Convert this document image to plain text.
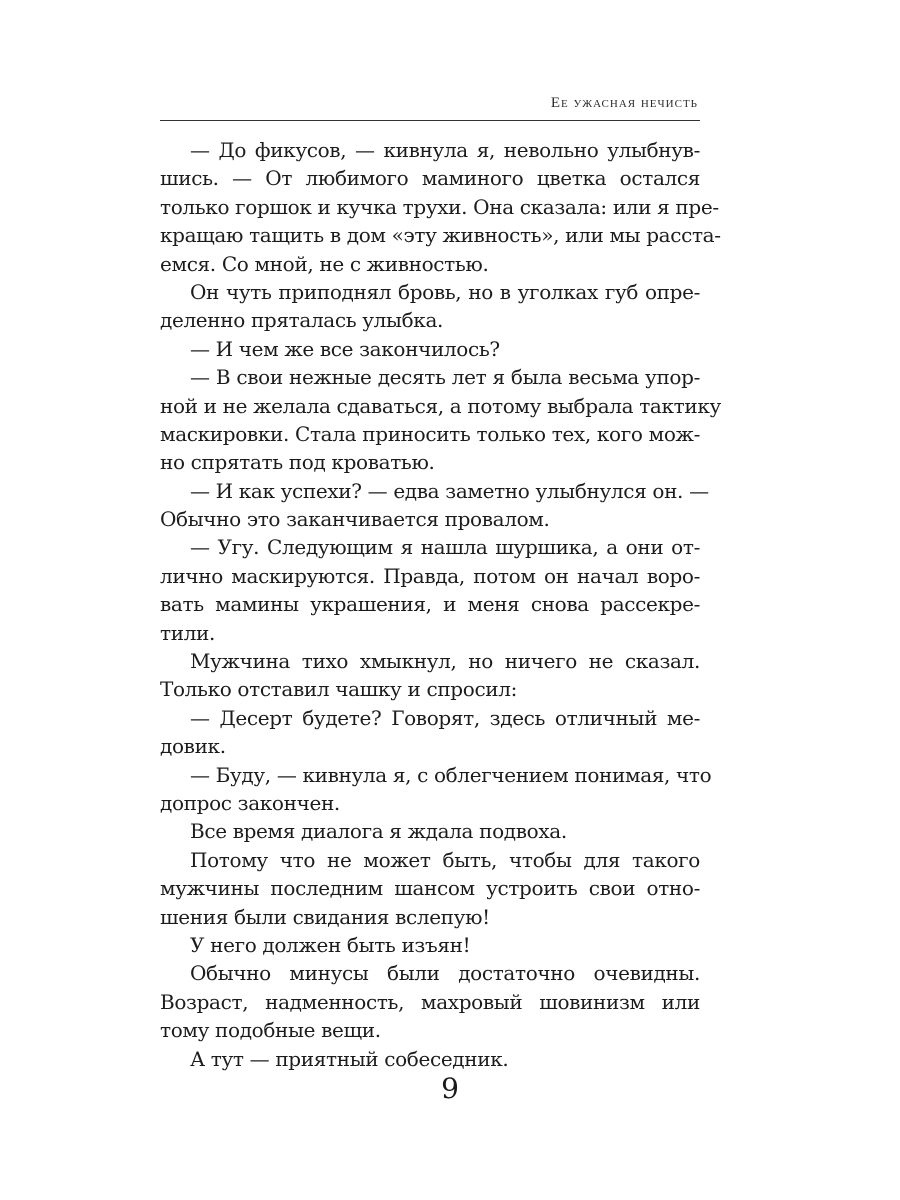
Ее ужасная нечисть
— До фикусов, — кивнула я, невольно улыбнув-
шись. — От любимого маминого цветка остался
только горшок и кучка трухи. Она сказала: или я пре-
кращаю тащить в дом «эту живность», или мы расста-
емся. Со мной, не с живностью.
Он чуть приподнял бровь, но в уголках губ опре-
деленно пряталась улыбка.
— И чем же все закончилось?
— В свои нежные десять лет я была весьма упор-
ной и не желала сдаваться, а потому выбрала тактику
маскировки. Стала приносить только тех, кого мож-
но спрятать под кроватью.
— И как успехи? — едва заметно улыбнулся он. —
Обычно это заканчивается провалом.
— Угу. Следующим я нашла шуршика, а они от-
лично маскируются. Правда, потом он начал воро-
вать мамины украшения, и меня снова рассекре-
тили.
Мужчина тихо хмыкнул, но ничего не сказал.
Только отставил чашку и спросил:
— Десерт будете? Говорят, здесь отличный ме-
довик.
— Буду, — кивнула я, с облегчением понимая, что
допрос закончен.
Все время диалога я ждала подвоха.
Потому что не может быть, чтобы для такого
мужчины последним шансом устроить свои отно-
шения были свидания вслепую!
У него должен быть изъян!
Обычно минусы были достаточно очевидны.
Возраст, надменность, махровый шовинизм или
тому подобные вещи.
А тут — приятный собеседник.
9
